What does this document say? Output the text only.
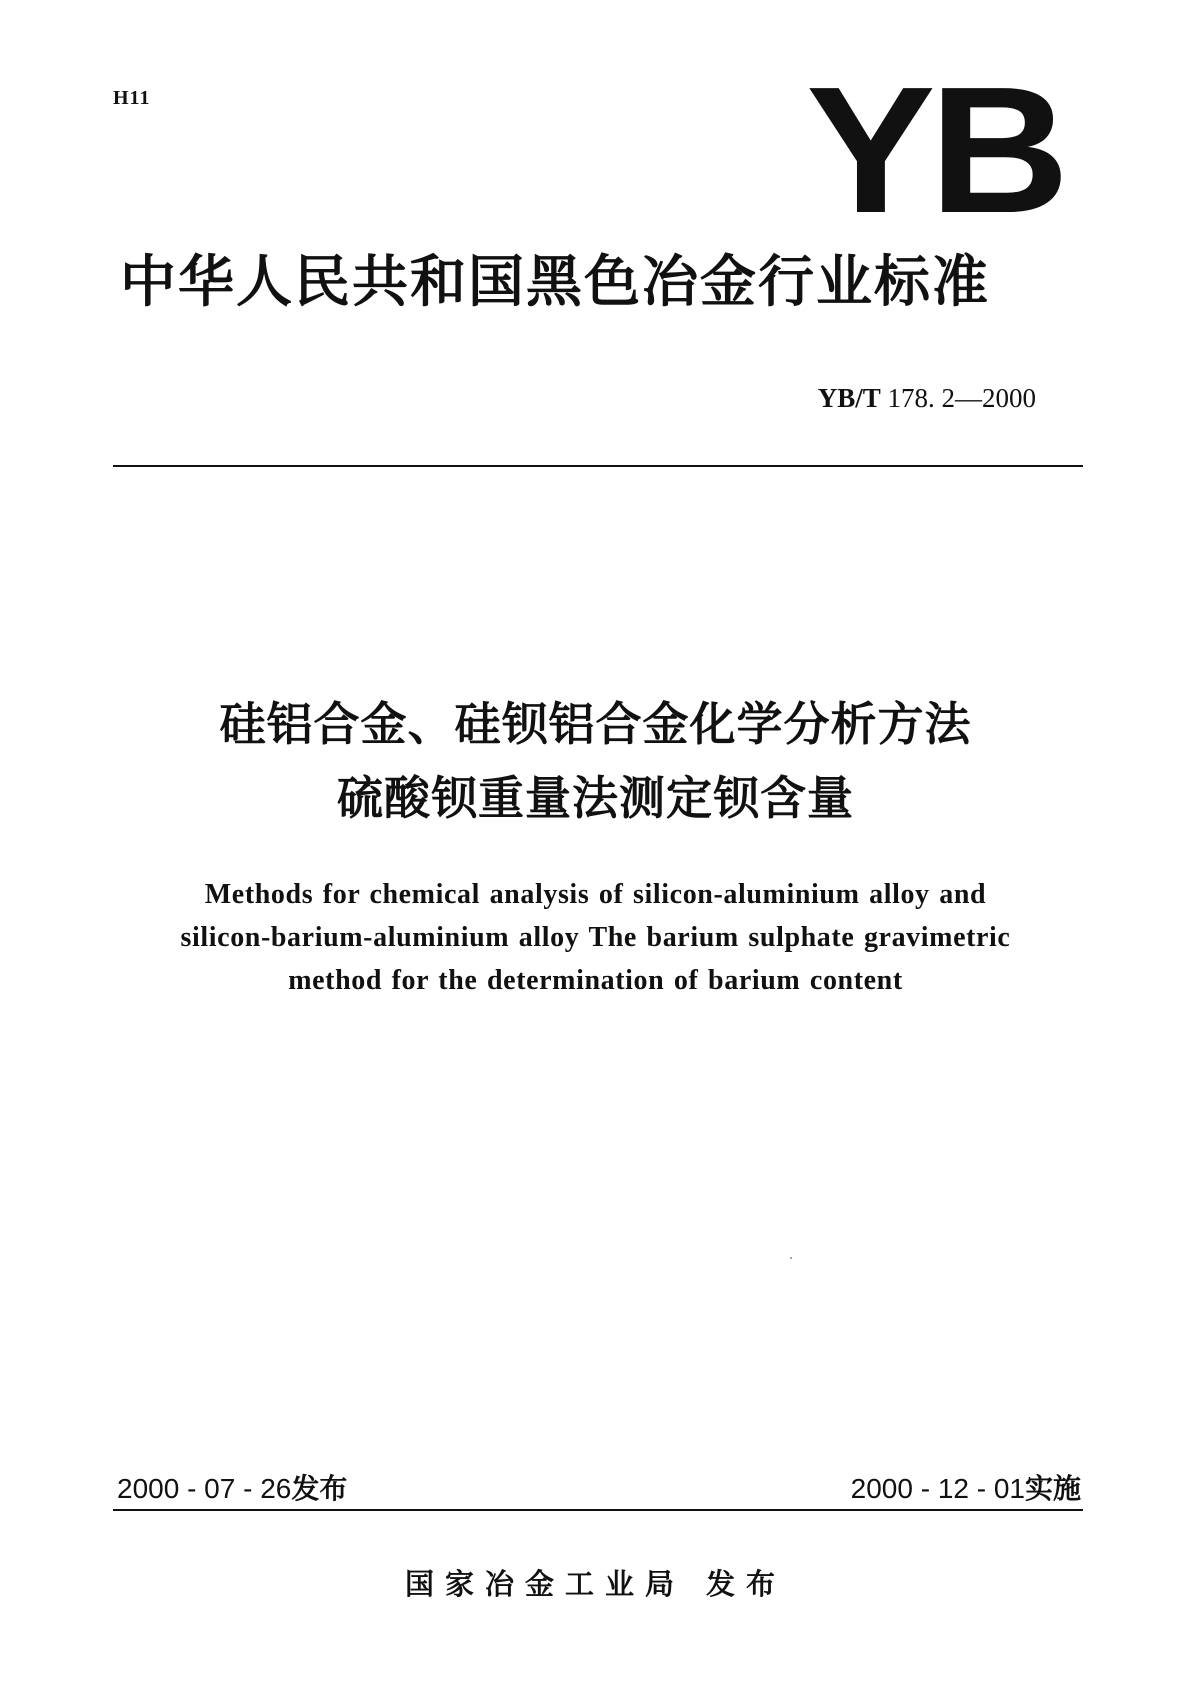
H11	YB
中华人民共和国黑色冶金行业标准
YB/T 178. 2—2000
硅铝合金、硅钡铝合金化学分析方法
硫酸钡重量法测定钡含量
Methods for chemical analysis of silicon-aluminium alloy and
silicon-barium-aluminium alloy The barium sulphate gravimetric
method for the determination of barium content
2000 - 07 - 26发布	2000 - 12 - 01实施
国家冶金工业局 发布
